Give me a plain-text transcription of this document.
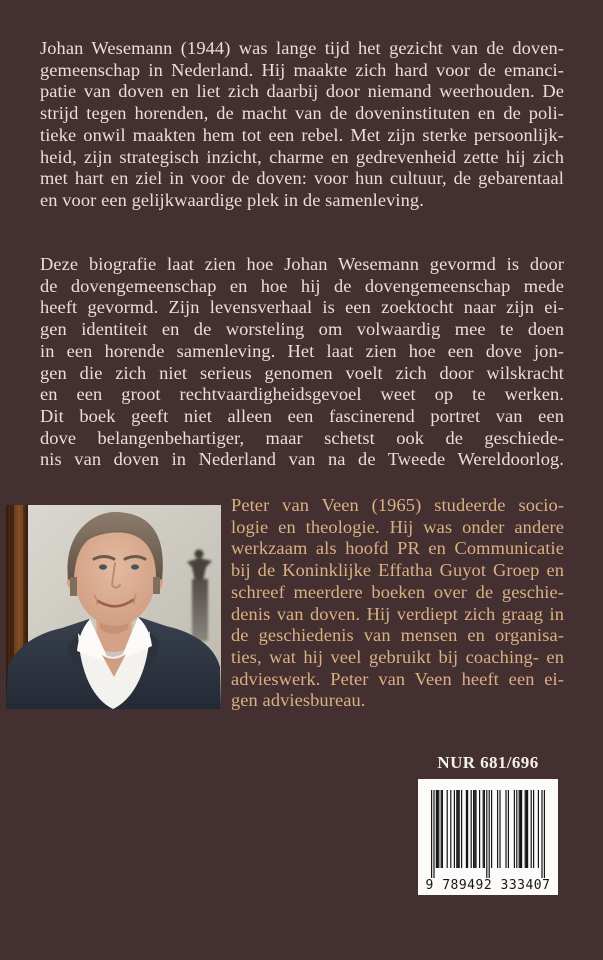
Johan Wesemann (1944) was lange tijd het gezicht van de doven-
gemeenschap in Nederland. Hij maakte zich hard voor de emanci-
patie van doven en liet zich daarbij door niemand weerhouden. De
strijd tegen horenden, de macht van de doveninstituten en de poli-
tieke onwil maakten hem tot een rebel. Met zijn sterke persoonlijk-
heid, zijn strategisch inzicht, charme en gedrevenheid zette hij zich
met hart en ziel in voor de doven: voor hun cultuur, de gebarentaal
en voor een gelijkwaardige plek in de samenleving.
Deze biografie laat zien hoe Johan Wesemann gevormd is door
de dovengemeenschap en hoe hij de dovengemeenschap mede
heeft gevormd. Zijn levensverhaal is een zoektocht naar zijn ei-
gen identiteit en de worsteling om volwaardig mee te doen
in een horende samenleving. Het laat zien hoe een dove jon-
gen die zich niet serieus genomen voelt zich door wilskracht
en een groot rechtvaardigheidsgevoel weet op te werken.
Dit boek geeft niet alleen een fascinerend portret van een
dove belangenbehartiger, maar schetst ook de geschiede-
nis van doven in Nederland van na de Tweede Wereldoorlog.
Peter van Veen (1965) studeerde socio-
logie en theologie. Hij was onder andere
werkzaam als hoofd PR en Communicatie
bij de Koninklijke Effatha Guyot Groep en
schreef meerdere boeken over de geschie-
denis van doven. Hij verdiept zich graag in
de geschiedenis van mensen en organisa-
ties, wat hij veel gebruikt bij coaching- en
advieswerk. Peter van Veen heeft een ei-
gen adviesbureau.
NUR 681/696
9 789492 333407
